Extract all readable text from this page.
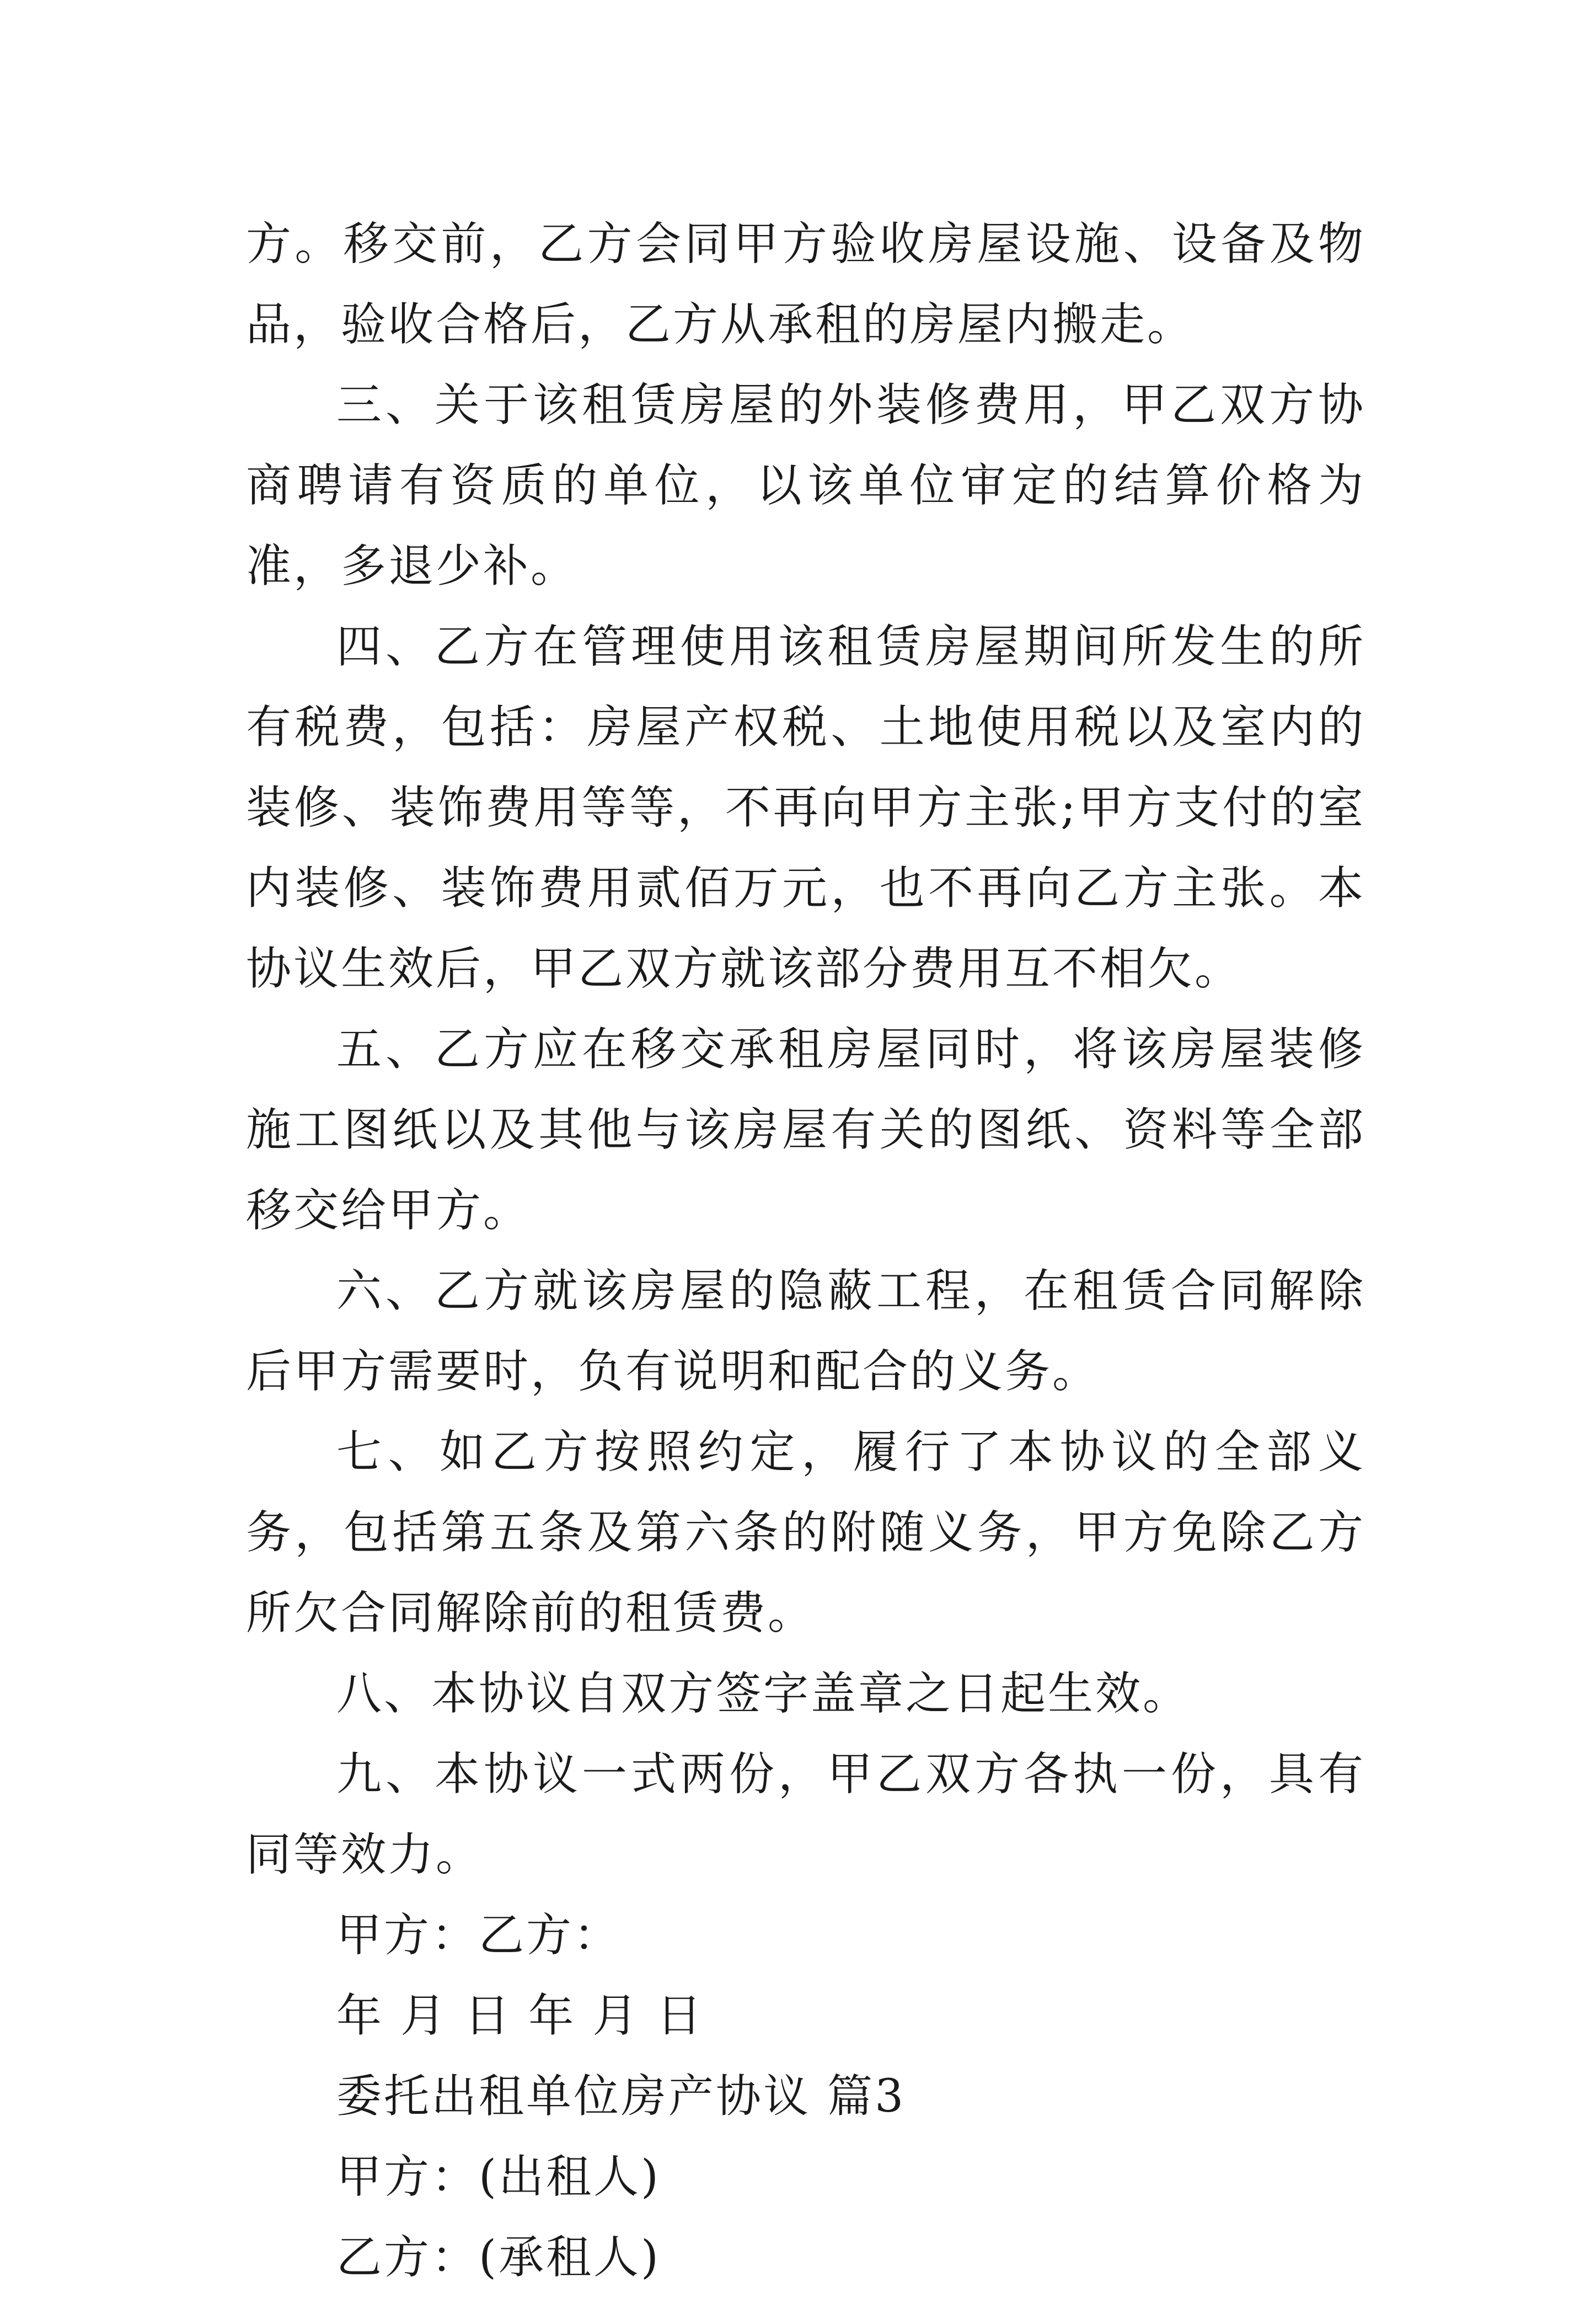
方。移交前，乙方会同甲方验收房屋设施、设备及物品，验收合格后，乙方从承租的房屋内搬走。

三、关于该租赁房屋的外装修费用，甲乙双方协商聘请有资质的单位，以该单位审定的结算价格为准，多退少补。

四、乙方在管理使用该租赁房屋期间所发生的所有税费，包括：房屋产权税、土地使用税以及室内的装修、装饰费用等等，不再向甲方主张;甲方支付的室内装修、装饰费用贰佰万元，也不再向乙方主张。本协议生效后，甲乙双方就该部分费用互不相欠。

五、乙方应在移交承租房屋同时，将该房屋装修施工图纸以及其他与该房屋有关的图纸、资料等全部移交给甲方。

六、乙方就该房屋的隐蔽工程，在租赁合同解除后甲方需要时，负有说明和配合的义务。

七、如乙方按照约定，履行了本协议的全部义务，包括第五条及第六条的附随义务，甲方免除乙方所欠合同解除前的租赁费。

八、本协议自双方签字盖章之日起生效。

九、本协议一式两份，甲乙双方各执一份，具有同等效力。

甲方：乙方：

年 月 日 年 月 日

委托出租单位房产协议 篇3

甲方：(出租人)

乙方：(承租人)
